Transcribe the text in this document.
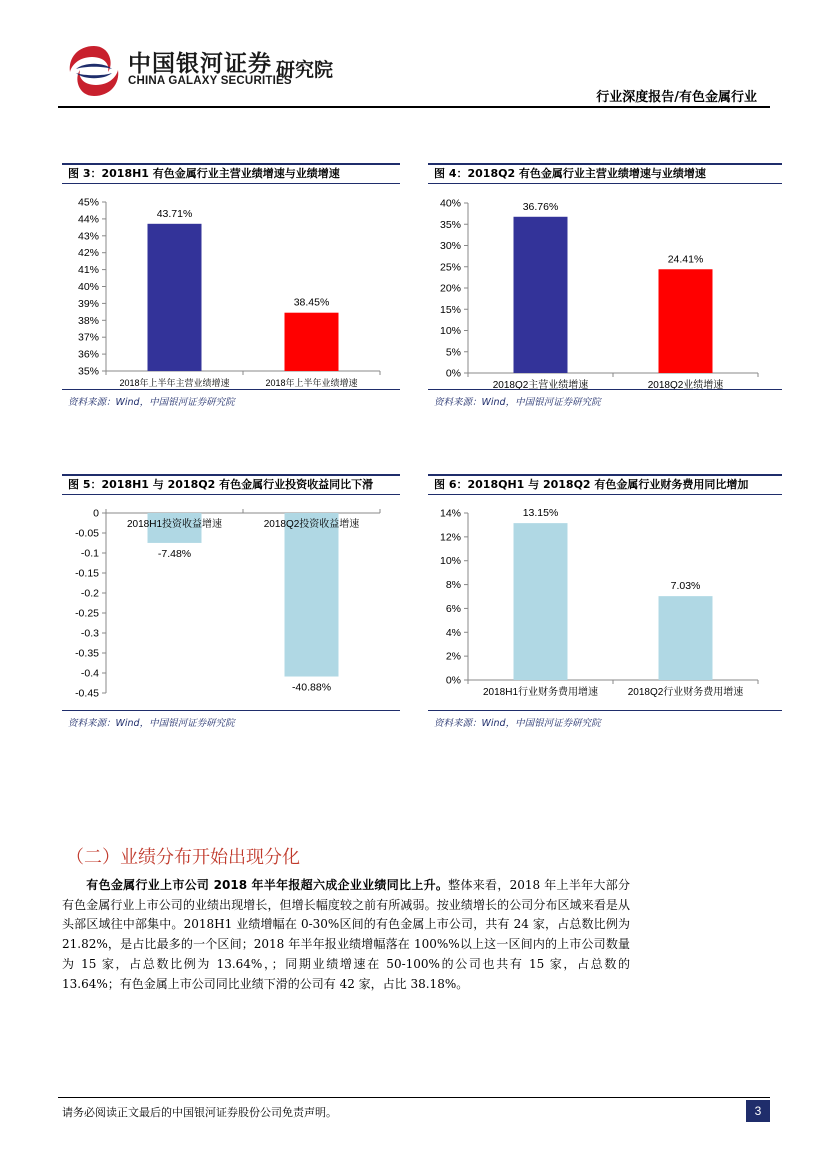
中国银河证券
CHINA GALAXY SECURITIES
研究院
行业深度报告/有色金属行业
图 3：2018H1 有色金属行业主营业绩增速与业绩增速
45%
44%
43%
42%
41%
40%
39%
38%
37%
36%
35%
43.71%
2018年上半年主营业绩增速
38.45%
2018年上半年业绩增速
资料来源：Wind，中国银河证券研究院
图 4：2018Q2 有色金属行业主营业绩增速与业绩增速
40%
35%
30%
25%
20%
15%
10%
5%
0%
36.76%
2018Q2主营业绩增速
24.41%
2018Q2业绩增速
资料来源：Wind，中国银河证券研究院
图 5：2018H1 与 2018Q2 有色金属行业投资收益同比下滑
0
-0.05
-0.1
-0.15
-0.2
-0.25
-0.3
-0.35
-0.4
-0.45
-7.48%
2018H1投资收益增速
-40.88%
2018Q2投资收益增速
资料来源：Wind，中国银河证券研究院
图 6：2018QH1 与 2018Q2 有色金属行业财务费用同比增加
14%
12%
10%
8%
6%
4%
2%
0%
13.15%
2018H1行业财务费用增速
7.03%
2018Q2行业财务费用增速
资料来源：Wind，中国银河证券研究院
（二）业绩分布开始出现分化
有色金属行业上市公司 2018 年半年报超六成企业业绩同比上升。整体来看，2018 年上半年大部分有色金属行业上市公司的业绩出现增长，但增长幅度较之前有所减弱。按业绩增长的公司分布区域来看是从头部区域往中部集中。2018H1 业绩增幅在 0-30%区间的有色金属上市公司，共有 24 家，占总数比例为 21.82%，是占比最多的一个区间；2018 年半年报业绩增幅落在 100%%以上这一区间内的上市公司数量为 15 家，占总数比例为 13.64%，；同期业绩增速在 50-100%的公司也共有 15 家，占总数的 13.64%；有色金属上市公司同比业绩下滑的公司有 42 家，占比 38.18%。
请务必阅读正文最后的中国银河证券股份公司免责声明。	3
